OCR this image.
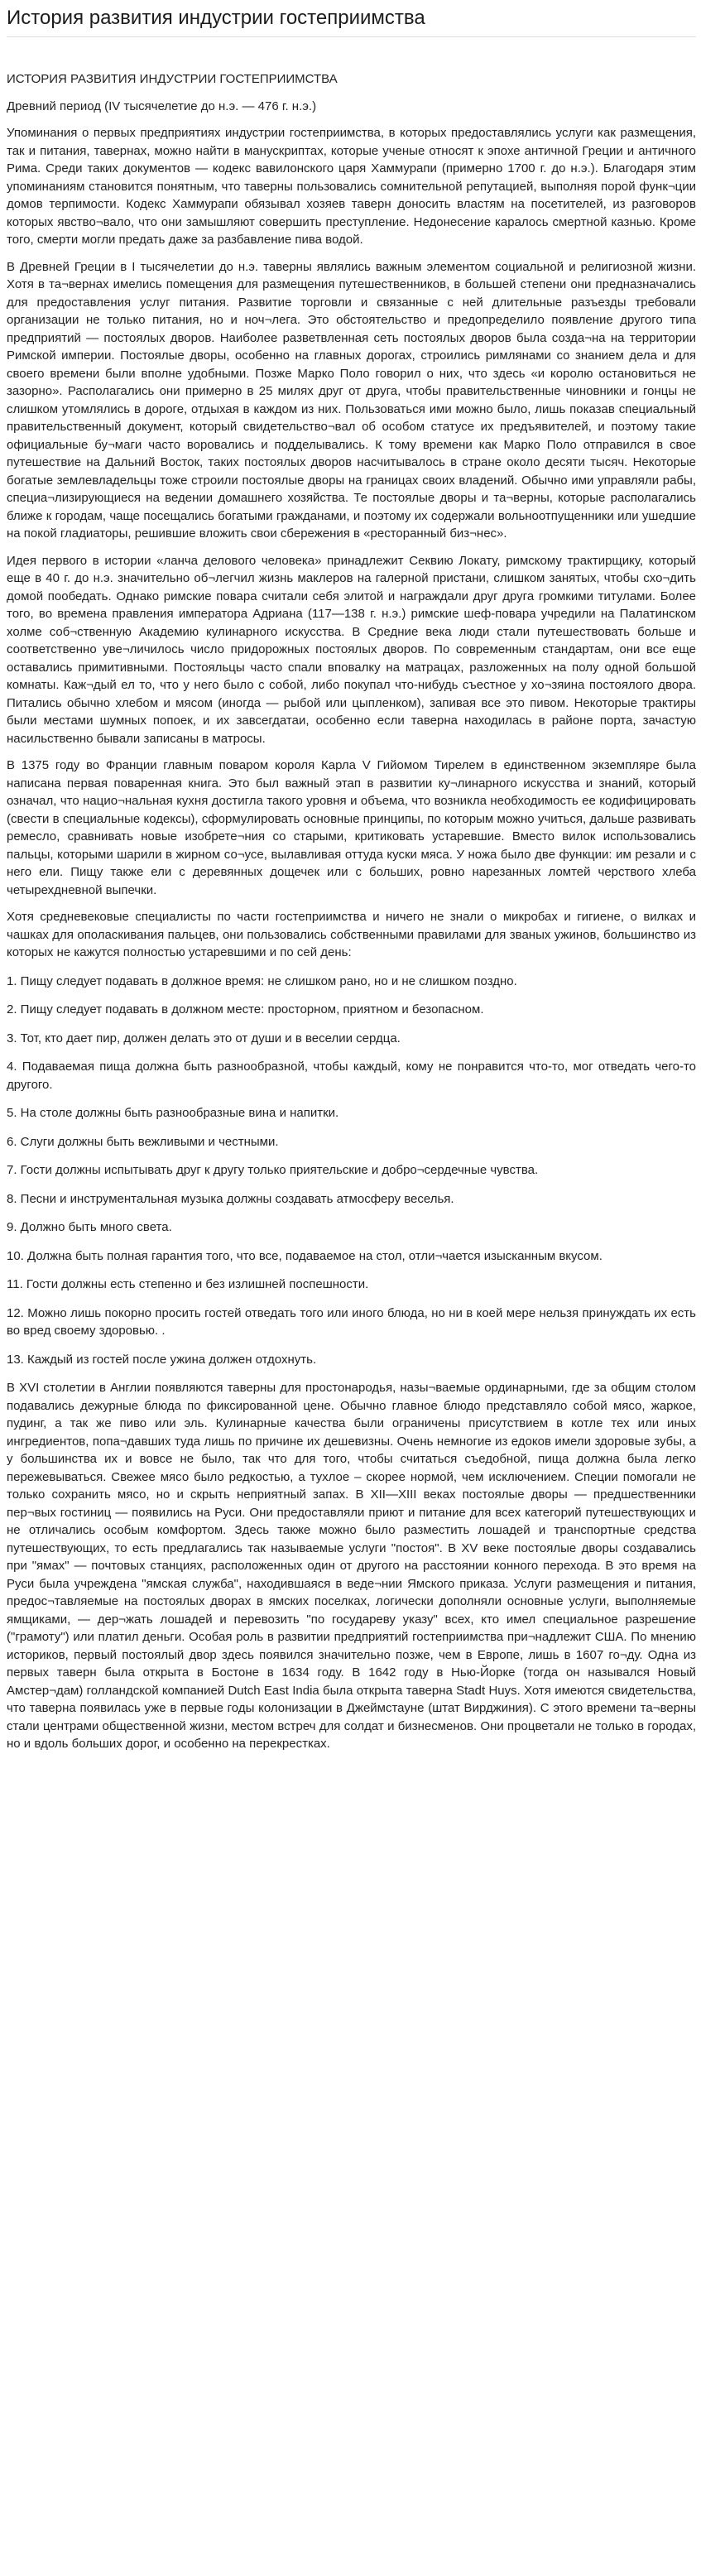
История развития индустрии гостеприимства

ИСТОРИЯ РАЗВИТИЯ ИНДУСТРИИ ГОСТЕПРИИМСТВА

Древний период (IV тысячелетие до н.э. — 476 г. н.э.)

Упоминания о первых предприятиях индустрии гостеприимства, в которых предоставлялись услуги как размещения, так и питания, тавернах, можно найти в манускриптах, которые ученые относят к эпохе античной Греции и античного Рима. Среди таких документов — кодекс вавилонского царя Хаммурапи (примерно 1700 г. до н.э.). Благодаря этим упоминаниям становится понятным, что таверны пользовались сомнительной репутацией, выполняя порой функ¬ции домов терпимости. Кодекс Хаммурапи обязывал хозяев таверн доносить властям на посетителей, из разговоров которых явство¬вало, что они замышляют совершить преступление. Недонесение каралось смертной казнью. Кроме того, смерти могли предать даже за разбавление пива водой.

В Древней Греции в I тысячелетии до н.э. таверны являлись важным элементом социальной и религиозной жизни. Хотя в та¬вернах имелись помещения для размещения путешественников, в большей степени они предназначались для предоставления услуг питания. Развитие торговли и связанные с ней длительные разъезды требовали организации не только питания, но и ноч¬лега. Это обстоятельство и предопределило появление другого типа предприятий — постоялых дворов. Наиболее разветвленная сеть постоялых дворов была созда¬на на территории Римской империи. Постоялые дворы, особенно на главных дорогах, строились римлянами со знанием дела и для своего времени были вполне удобными. Позже Марко Поло говорил о них, что здесь «и королю остановиться не зазорно». Располагались они примерно в 25 милях друг от друга, чтобы правительственные чиновники и гонцы не слишком утомлялись в дороге, отдыхая в каждом из них. Пользоваться ими можно было, лишь показав специальный правительственный документ, который свидетельство¬вал об особом статусе их предъявителей, и поэтому такие официальные бу¬маги часто воровались и подделывались. К тому времени как Марко Поло отправился в свое путешествие на Дальний Восток, таких постоялых дворов насчитывалось в стране около десяти тысяч. Некоторые богатые землевладельцы тоже строили постоялые дворы на границах своих владений. Обычно ими управляли рабы, специа¬лизирующиеся на ведении домашнего хозяйства. Те постоялые дворы и та¬верны, которые располагались ближе к городам, чаще посещались богатыми гражданами, и поэтому их содержали вольноотпущенники или ушедшие на покой гладиаторы, решившие вложить свои сбережения в «ресторанный биз¬нес».

Идея первого в истории «ланча делового человека» принадлежит Секвию Локату, римскому трактирщику, который еще в 40 г. до н.э. значительно об¬легчил жизнь маклеров на галерной пристани, слишком занятых, чтобы схо¬дить домой пообедать. Однако римские повара считали себя элитой и награждали друг друга громкими титулами. Более того, во времена правления императора Адриана (117—138 г. н.э.) римские шеф-повара учредили на Палатинском холме соб¬ственную Академию кулинарного искусства. В Средние века люди стали путешествовать больше и соответственно уве¬личилось число придорожных постоялых дворов. По современным стандартам, они все еще оставались примитивными. Постояльцы часто спали вповалку на матрацах, разложенных на полу одной большой комнаты. Каж¬дый ел то, что у него было с собой, либо покупал что-нибудь съестное у хо¬зяина постоялого двора. Питались обычно хлебом и мясом (иногда — рыбой или цыпленком), запивая все это пивом. Некоторые трактиры были местами шумных попоек, и их завсегдатаи, особенно если таверна находилась в районе порта, зачастую насильственно бывали записаны в матросы.

В 1375 году во Франции главным поваром короля Карла V Гийомом Тирелем в единственном экземпляре была написана первая поваренная книга. Это был важный этап в развитии ку¬линарного искусства и знаний, который означал, что нацио¬нальная кухня достигла такого уровня и объема, что возникла необходимость ее кодифицировать (свести в специальные кодексы), сформулировать основные принципы, по которым можно учиться, дальше развивать ремесло, сравнивать новые изобрете¬ния со старыми, критиковать устаревшие. Вместо вилок использовались пальцы, которыми шарили в жирном со¬усе, вылавливая оттуда куски мяса. У ножа было две функции: им резали и с него ели. Пищу также ели с деревянных дощечек или с больших, ровно нарезанных ломтей черствого хлеба четырехдневной выпечки.

Хотя средневековые специалисты по части гостеприимства и ничего не знали о микробах и гигиене, о вилках и чашках для ополаскивания пальцев, они пользовались собственными правилами для званых ужинов, большинство из которых не кажутся полностью устаревшими и по сей день:

1. Пищу следует подавать в должное время: не слишком рано, но и не слишком поздно.

2. Пищу следует подавать в должном месте: просторном, приятном и безопасном.

3. Тот, кто дает пир, должен делать это от души и в веселии сердца.

4. Подаваемая пища должна быть разнообразной, чтобы каждый, кому не понравится что-то, мог отведать чего-то другого.

5. На столе должны быть разнообразные вина и напитки.

6. Слуги должны быть вежливыми и честными.

7. Гости должны испытывать друг к другу только приятельские и добро¬сердечные чувства.

8. Песни и инструментальная музыка должны создавать атмосферу веселья.

9. Должно быть много света.

10. Должна быть полная гарантия того, что все, подаваемое на стол, отли¬чается изысканным вкусом.

11. Гости должны есть степенно и без излишней поспешности.

12. Можно лишь покорно просить гостей отведать того или иного блюда, но ни в коей мере нельзя принуждать их есть во вред своему здоровью. .

13. Каждый из гостей после ужина должен отдохнуть.

В XVI столетии в Англии появляются таверны для простонародья, назы¬ваемые ординарными, где за общим столом подавались дежурные блюда по фиксированной цене. Обычно главное блюдо представляло собой мясо, жаркое, пудинг, а так же пиво или эль. Кулинарные качества были ограничены присутствием в котле тех или иных ингредиентов, попа¬давших туда лишь по причине их дешевизны. Очень немногие из едоков имели здоровые зубы, а у большинства их и вовсе не было, так что для того, чтобы считаться съедобной, пища должна была легко пережевываться. Свежее мясо было редкостью, а тухлое – скорее нормой, чем исключением. Специи помогали не только сохранить мясо, но и скрыть неприятный запах. В XII—XIII веках постоялые дворы — предшественники пер¬вых гостиниц — появились на Руси. Они предоставляли приют и питание для всех категорий путешествующих и не отличались особым комфортом. Здесь также можно было разместить лошадей и транспортные средства путешествующих, то есть предлагались так называемые услуги "постоя". В XV веке постоялые дворы создавались при "ямах" — почтовых станциях, расположенных один от другого на расстоянии конного перехода. В это время на Руси была учреждена "ямская служба", находившаяся в веде¬нии Ямского приказа. Услуги размещения и питания, предос¬тавляемые на постоялых дворах в ямских поселках, логически дополняли основные услуги, выполняемые ямщиками, — дер¬жать лошадей и перевозить "по государеву указу" всех, кто имел специальное разрешение ("грамоту") или платил деньги. Особая роль в развитии предприятий гостеприимства при¬надлежит США. По мнению историков, первый постоялый двор здесь появился значительно позже, чем в Европе, лишь в 1607 го¬ду. Одна из первых таверн была открыта в Бостоне в 1634 году. В 1642 году в Нью-Йорке (тогда он назывался Новый Амстер¬дам) голландской компанией Dutch East India была открыта таверна Stadt Huys. Хотя имеются свидетельства, что таверна появилась уже в первые годы колонизации в Джеймстауне (штат Вирджиния). С этого времени та¬верны стали центрами общественной жизни, местом встреч для солдат и бизнесменов. Они процветали не только в городах, но и вдоль больших дорог, и особенно на перекрестках.
